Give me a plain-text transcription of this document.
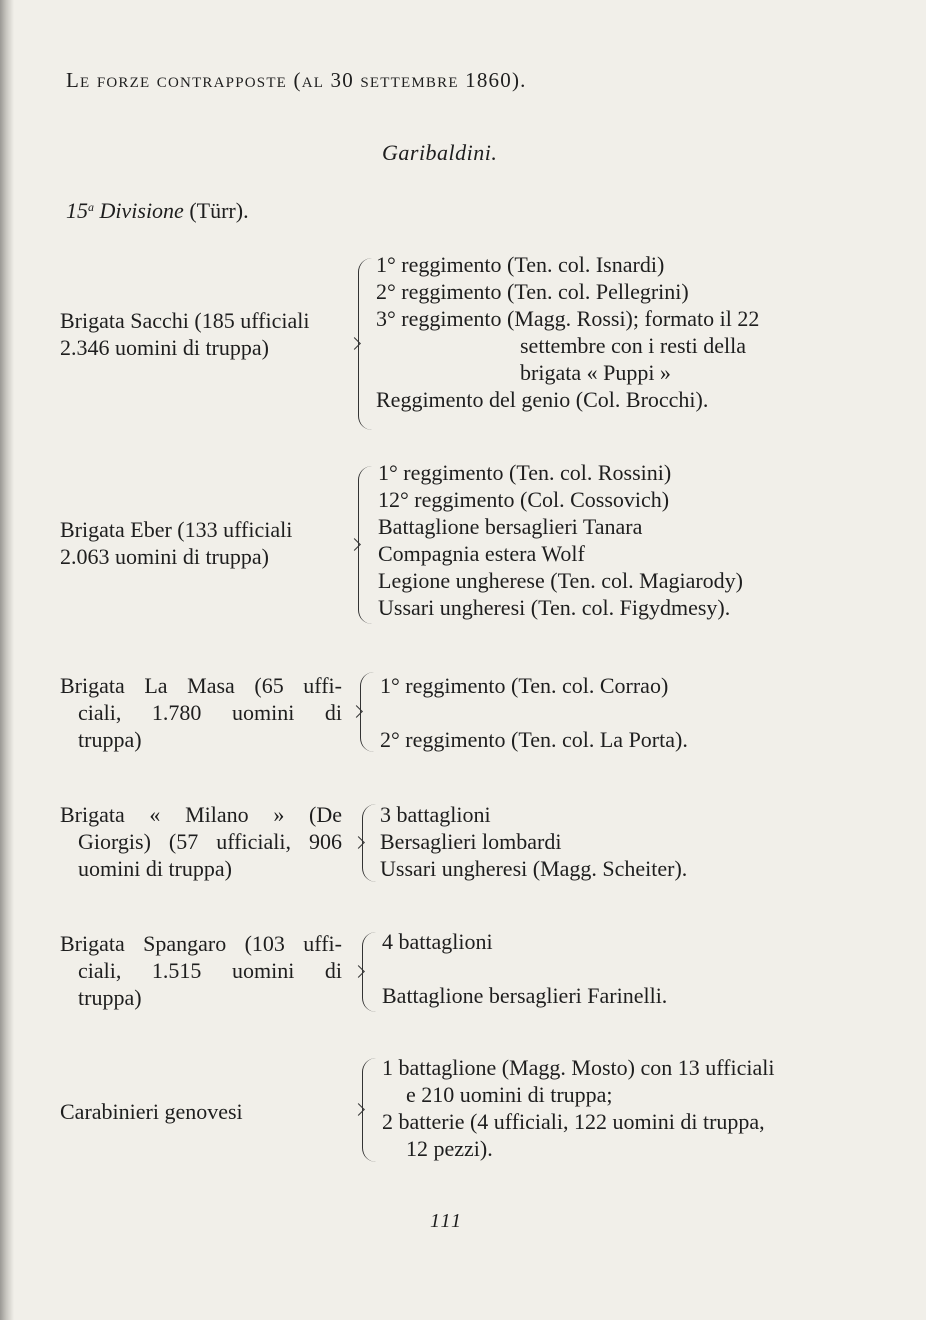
Le forze contrapposte (al 30 settembre 1860).
Garibaldini.
15$^a$ Divisione (Türr).
Brigata Sacchi (185 ufficiali
2.346 uomini di truppa)
1° reggimento (Ten. col. Isnardi)
2° reggimento (Ten. col. Pellegrini)
3° reggimento (Magg. Rossi); formato il 22
settembre con i resti della
brigata « Puppi »
Reggimento del genio (Col. Brocchi).
Brigata Eber (133 ufficiali
2.063 uomini di truppa)
1° reggimento (Ten. col. Rossini)
12° reggimento (Col. Cossovich)
Battaglione bersaglieri Tanara
Compagnia estera Wolf
Legione ungherese (Ten. col. Magiarody)
Ussari ungheresi (Ten. col. Figydmesy).
Brigata La Masa (65 uffi-
ciali, 1.780 uomini di
truppa)
1° reggimento (Ten. col. Corrao)
2° reggimento (Ten. col. La Porta).
Brigata « Milano » (De
Giorgis) (57 ufficiali, 906
uomini di truppa)
3 battaglioni
Bersaglieri lombardi
Ussari ungheresi (Magg. Scheiter).
Brigata Spangaro (103 uffi-
ciali, 1.515 uomini di
truppa)
4 battaglioni
Battaglione bersaglieri Farinelli.
Carabinieri genovesi
1 battaglione (Magg. Mosto) con 13 ufficiali
e 210 uomini di truppa;
2 batterie (4 ufficiali, 122 uomini di truppa,
12 pezzi).
111
